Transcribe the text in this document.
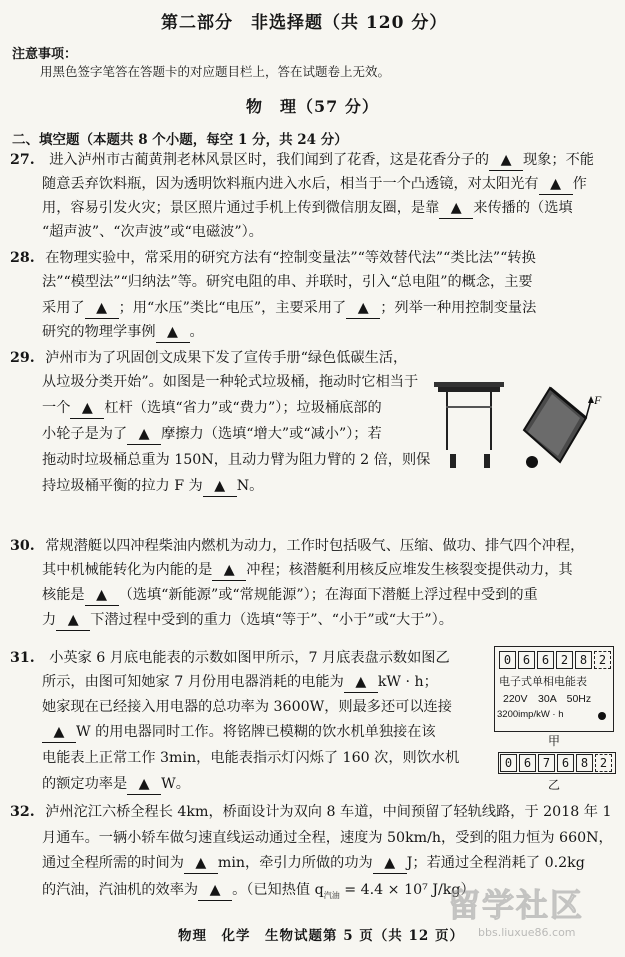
第二部分　非选择题（共 120 分）
注意事项：
用黑色签字笔答在答题卡的对应题目栏上，答在试题卷上无效。
物　理（57 分）
二、填空题（本题共 8 个小题，每空 1 分，共 24 分）
27. 进入泸州市古蔺黄荆老林风景区时，我们闻到了花香，这是花香分子的 ▲ 现象；不能
随意丢弃饮料瓶，因为透明饮料瓶内进入水后，相当于一个凸透镜，对太阳光有 ▲ 作
用，容易引发火灾；景区照片通过手机上传到微信朋友圈，是靠 ▲ 来传播的（选填
“超声波”、“次声波”或“电磁波”）。
28. 在物理实验中，常采用的研究方法有“控制变量法”“等效替代法”“类比法”“转换
法”“模型法”“归纳法”等。研究电阻的串、并联时，引入“总电阻”的概念，主要
采用了 ▲ ；用“水压”类比“电压”，主要采用了 ▲ ；列举一种用控制变量法
研究的物理学事例 ▲ 。
29. 泸州市为了巩固创文成果下发了宣传手册“绿色低碳生活，
从垃圾分类开始”。如图是一种轮式垃圾桶，拖动时它相当于
一个 ▲ 杠杆（选填“省力”或“费力”）；垃圾桶底部的
小轮子是为了 ▲ 摩擦力（选填“增大”或“减小”）；若
拖动时垃圾桶总重为 150N，且动力臂为阻力臂的 2 倍，则保
持垃圾桶平衡的拉力 F 为 ▲ N。
F
30. 常规潜艇以四冲程柴油内燃机为动力，工作时包括吸气、压缩、做功、排气四个冲程，
其中机械能转化为内能的是 ▲ 冲程；核潜艇利用核反应堆发生核裂变提供动力，其
核能是 ▲ （选填“新能源”或“常规能源”）；在海面下潜艇上浮过程中受到的重
力 ▲ 下潜过程中受到的重力（选填“等于”、“小于”或“大于”）。
31. 小英家 6 月底电能表的示数如图甲所示，7 月底表盘示数如图乙
所示，由图可知她家 7 月份用电器消耗的电能为 ▲ kW · h；
她家现在已经接入用电器的总功率为 3600W，则最多还可以连接
▲ W 的用电器同时工作。将铭牌已模糊的饮水机单独接在该
电能表上正常工作 3min，电能表指示灯闪烁了 160 次，则饮水机
的额定功率是 ▲ W。
0 6 6 2 8 2
电子式单相电能表
220V　30A　50Hz
3200imp/kW · h
甲
0 6 7 6 8 2
乙
32. 泸州沱江六桥全程长 4km，桥面设计为双向 8 车道，中间预留了轻轨线路，于 2018 年 1
月通车。一辆小轿车做匀速直线运动通过全程，速度为 50km/h，受到的阻力恒为 660N，
通过全程所需的时间为 ▲ min，牵引力所做的功为 ▲ J；若通过全程消耗了 0.2kg
的汽油，汽油机的效率为 ▲ 。（已知热值 $q_{汽油} = 4.4 \times 10^7$ J/kg）
物理　化学　生物试题第 5 页（共 12 页）
留学社区
bbs.liuxue86.com
